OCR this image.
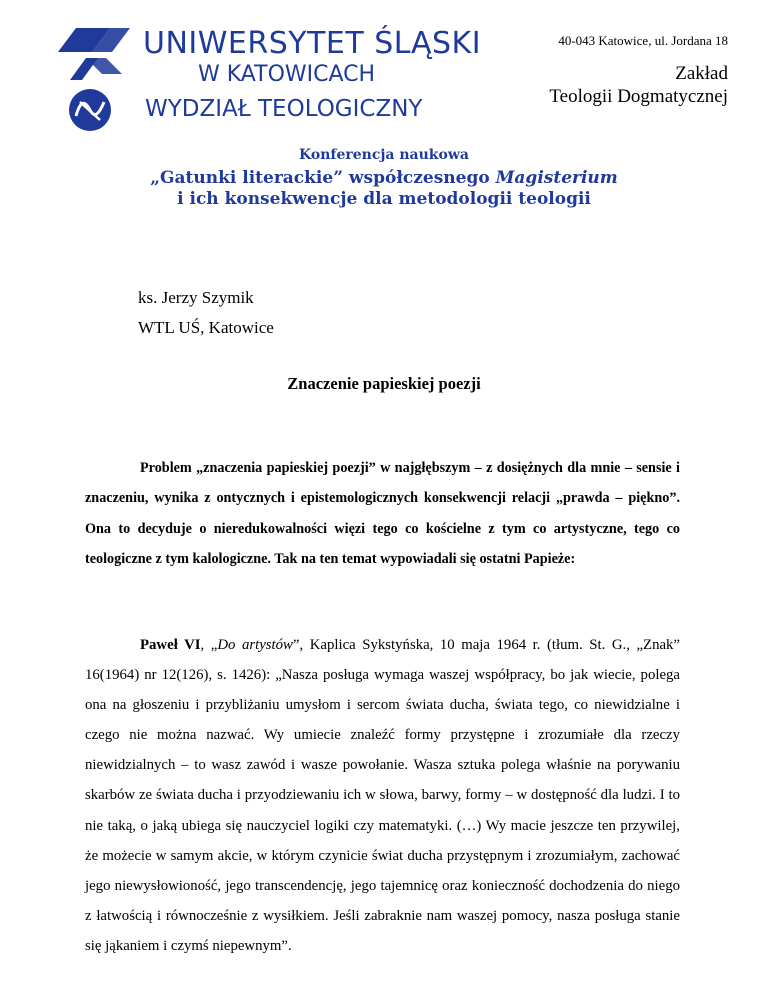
UNIWERSYTET ŚLĄSKI
W KATOWICACH
WYDZIAŁ TEOLOGICZNY
40-043 Katowice, ul. Jordana 18
Zakład
Teologii Dogmatycznej
Konferencja naukowa
„Gatunki literackie” współczesnego Magisterium
i ich konsekwencje dla metodologii teologii
ks. Jerzy Szymik
WTL UŚ, Katowice
Znaczenie papieskiej poezji

Problem „znaczenia papieskiej poezji” w najgłębszym – z dosiężnych dla mnie – sensie i znaczeniu, wynika z ontycznych i epistemologicznych konsekwencji relacji „prawda – piękno”. Ona to decyduje o nieredukowalności więzi tego co kościelne z tym co artystyczne, tego co teologiczne z tym kalologiczne. Tak na ten temat wypowiadali się ostatni Papieże:

Paweł VI, „Do artystów”, Kaplica Sykstyńska, 10 maja 1964 r. (tłum. St. G., „Znak” 16(1964) nr 12(126), s. 1426): „Nasza posługa wymaga waszej współpracy, bo jak wiecie, polega ona na głoszeniu i przybliżaniu umysłom i sercom świata ducha, świata tego, co niewidzialne i czego nie można nazwać. Wy umiecie znaleźć formy przystępne i zrozumiałe dla rzeczy niewidzialnych – to wasz zawód i wasze powołanie. Wasza sztuka polega właśnie na porywaniu skarbów ze świata ducha i przyodziewaniu ich w słowa, barwy, formy – w dostępność dla ludzi. I to nie taką, o jaką ubiega się nauczyciel logiki czy matematyki. (…) Wy macie jeszcze ten przywilej, że możecie w samym akcie, w którym czynicie świat ducha przystępnym i zrozumiałym, zachować jego niewysłowioność, jego transcendencję, jego tajemnicę oraz konieczność dochodzenia do niego z łatwością i równocześnie z wysiłkiem. Jeśli zabraknie nam waszej pomocy, nasza posługa stanie się jąkaniem i czymś niepewnym”.
